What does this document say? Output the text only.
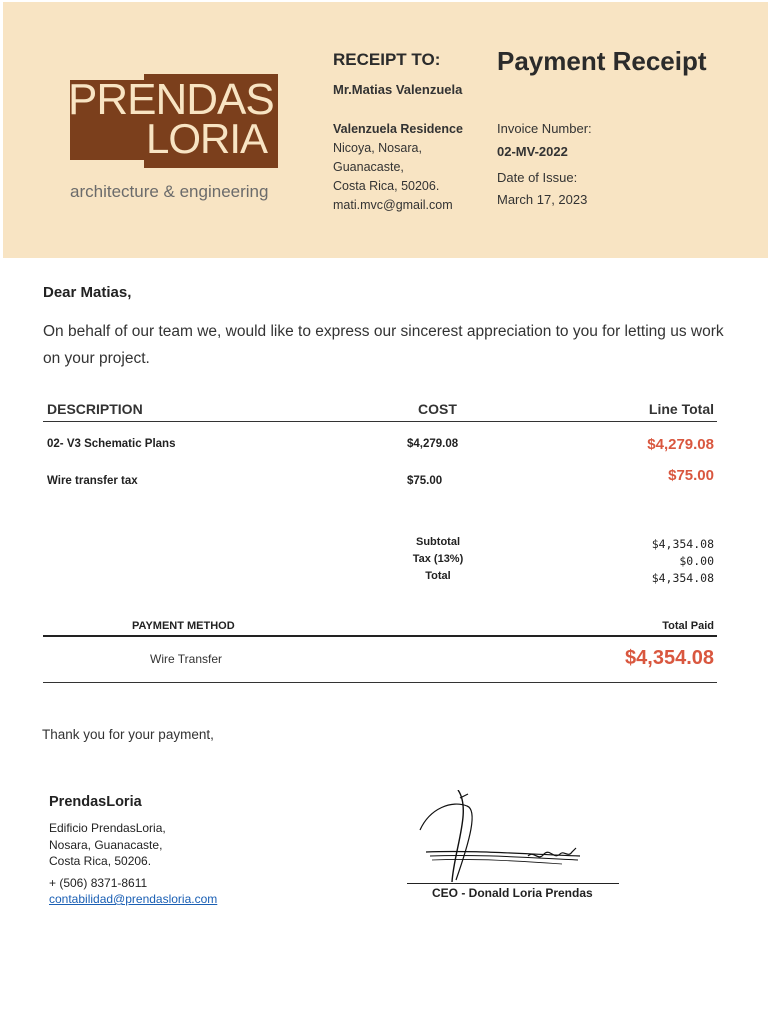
PRENDAS
LORIA
architecture & engineering
RECEIPT TO:
Mr.Matias Valenzuela
Valenzuela Residence
Nicoya, Nosara,
Guanacaste,
Costa Rica, 50206.
mati.mvc@gmail.com
Payment Receipt
Invoice Number:
02-MV-2022
Date of Issue:
March 17, 2023
Dear Matias,
On behalf of our team we, would like to express our sincerest appreciation to you for letting us work on your project.
DESCRIPTION	COST	Line Total
02- V3 Schematic Plans	$4,279.08	$4,279.08
Wire transfer tax	$75.00	$75.00
Subtotal	$4,354.08
Tax (13%)	$0.00
Total	$4,354.08
PAYMENT METHOD	Total Paid
Wire Transfer	$4,354.08
Thank you for your payment,
PrendasLoria
Edificio PrendasLoria,
Nosara, Guanacaste,
Costa Rica, 50206.
+ (506) 8371-8611
contabilidad@prendasloria.com	CEO - Donald Loria Prendas
